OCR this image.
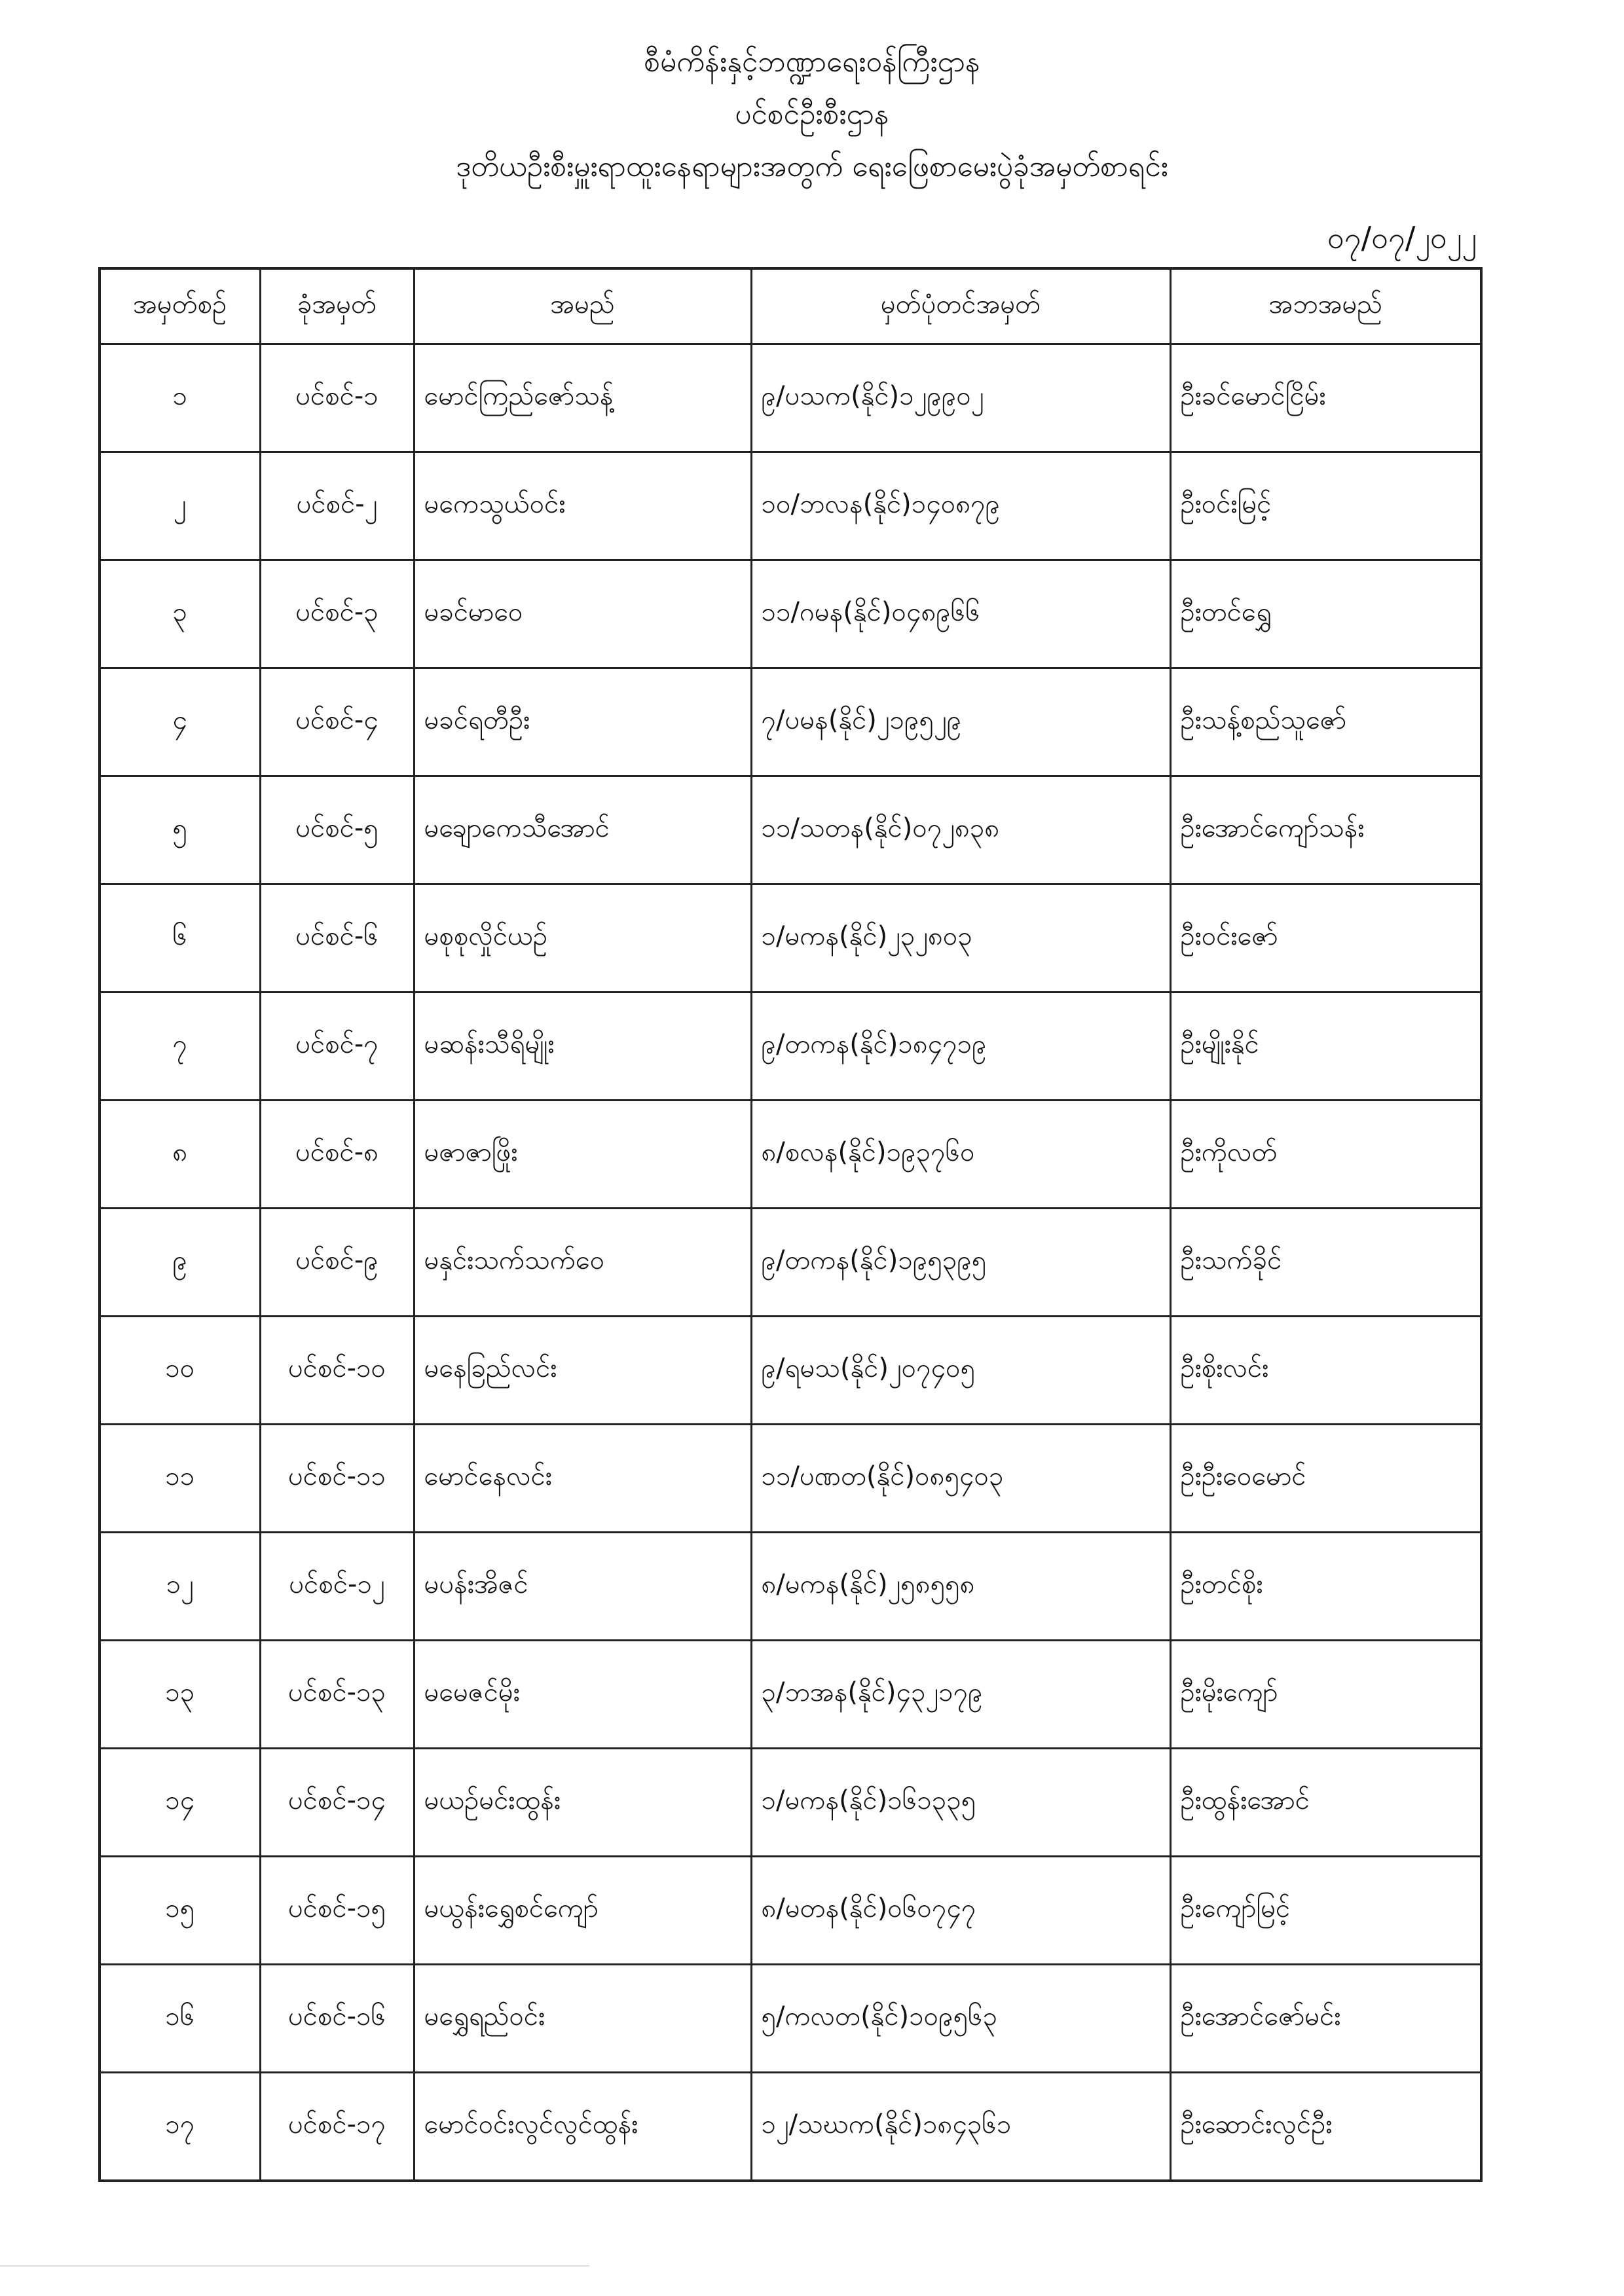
စီမံကိန်းနှင့်ဘဏ္ဍာရေးဝန်ကြီးဌာန
ပင်စင်ဦးစီးဌာန
ဒုတိယဦးစီးမှူးရာထူးနေရာများအတွက် ရေးဖြေစာမေးပွဲခုံအမှတ်စာရင်း
၀၇/၀၇/၂၀၂၂
အမှတ်စဉ်	ခုံအမှတ်	အမည်	မှတ်ပုံတင်အမှတ်	အဘအမည်
၁	ပင်စင်-၁	မောင်ကြည်ဇော်သန့်	၉/ပသက(နိုင်)၁၂၉၉၀၂	ဦးခင်မောင်ငြိမ်း
၂	ပင်စင်-၂	မကေသွယ်ဝင်း	၁၀/ဘလန(နိုင်)၁၄၀၈၇၉	ဦးဝင်းမြင့်
၃	ပင်စင်-၃	မခင်မာဝေ	၁၁/ဂမန(နိုင်)၀၄၈၉၆၆	ဦးတင်ရွှေ
၄	ပင်စင်-၄	မခင်ရတီဦး	၇/ပမန(နိုင်)၂၁၉၅၂၉	ဦးသန့်စည်သူဇော်
၅	ပင်စင်-၅	မချောကေသီအောင်	၁၁/သတန(နိုင်)၀၇၂၈၃၈	ဦးအောင်ကျော်သန်း
၆	ပင်စင်-၆	မစုစုလှိုင်ယဉ်	၁/မကန(နိုင်)၂၃၂၈၀၃	ဦးဝင်းဇော်
၇	ပင်စင်-၇	မဆန်းသီရိမျိုး	၉/တကန(နိုင်)၁၈၄၇၁၉	ဦးမျိုးနိုင်
၈	ပင်စင်-၈	မဇာဇာဖြိုး	၈/စလန(နိုင်)၁၉၃၇၆၀	ဦးကိုလတ်
၉	ပင်စင်-၉	မနှင်းသက်သက်ဝေ	၉/တကန(နိုင်)၁၉၅၃၉၅	ဦးသက်ခိုင်
၁၀	ပင်စင်-၁၀	မနေခြည်လင်း	၉/ရမသ(နိုင်)၂၀၇၄၀၅	ဦးစိုးလင်း
၁၁	ပင်စင်-၁၁	မောင်နေလင်း	၁၁/ပဏတ(နိုင်)၀၈၅၄၀၃	ဦးဦးဝေမောင်
၁၂	ပင်စင်-၁၂	မပန်းအိဇင်	၈/မကန(နိုင်)၂၅၈၅၅၈	ဦးတင်စိုး
၁၃	ပင်စင်-၁၃	မမေဇင်မိုး	၃/ဘအန(နိုင်)၄၃၂၁၇၉	ဦးမိုးကျော်
၁၄	ပင်စင်-၁၄	မယဉ်မင်းထွန်း	၁/မကန(နိုင်)၁၆၁၃၃၅	ဦးထွန်းအောင်
၁၅	ပင်စင်-၁၅	မယွန်းရွှေစင်ကျော်	၈/မတန(နိုင်)၀၆၀၇၄၇	ဦးကျော်မြင့်
၁၆	ပင်စင်-၁၆	မရွှေရည်ဝင်း	၅/ကလတ(နိုင်)၁၀၉၅၆၃	ဦးအောင်ဇော်မင်း
၁၇	ပင်စင်-၁၇	မောင်ဝင်းလွင်လွင်ထွန်း	၁၂/သဃက(နိုင်)၁၈၄၃၆၁	ဦးဆောင်းလွင်ဦး
